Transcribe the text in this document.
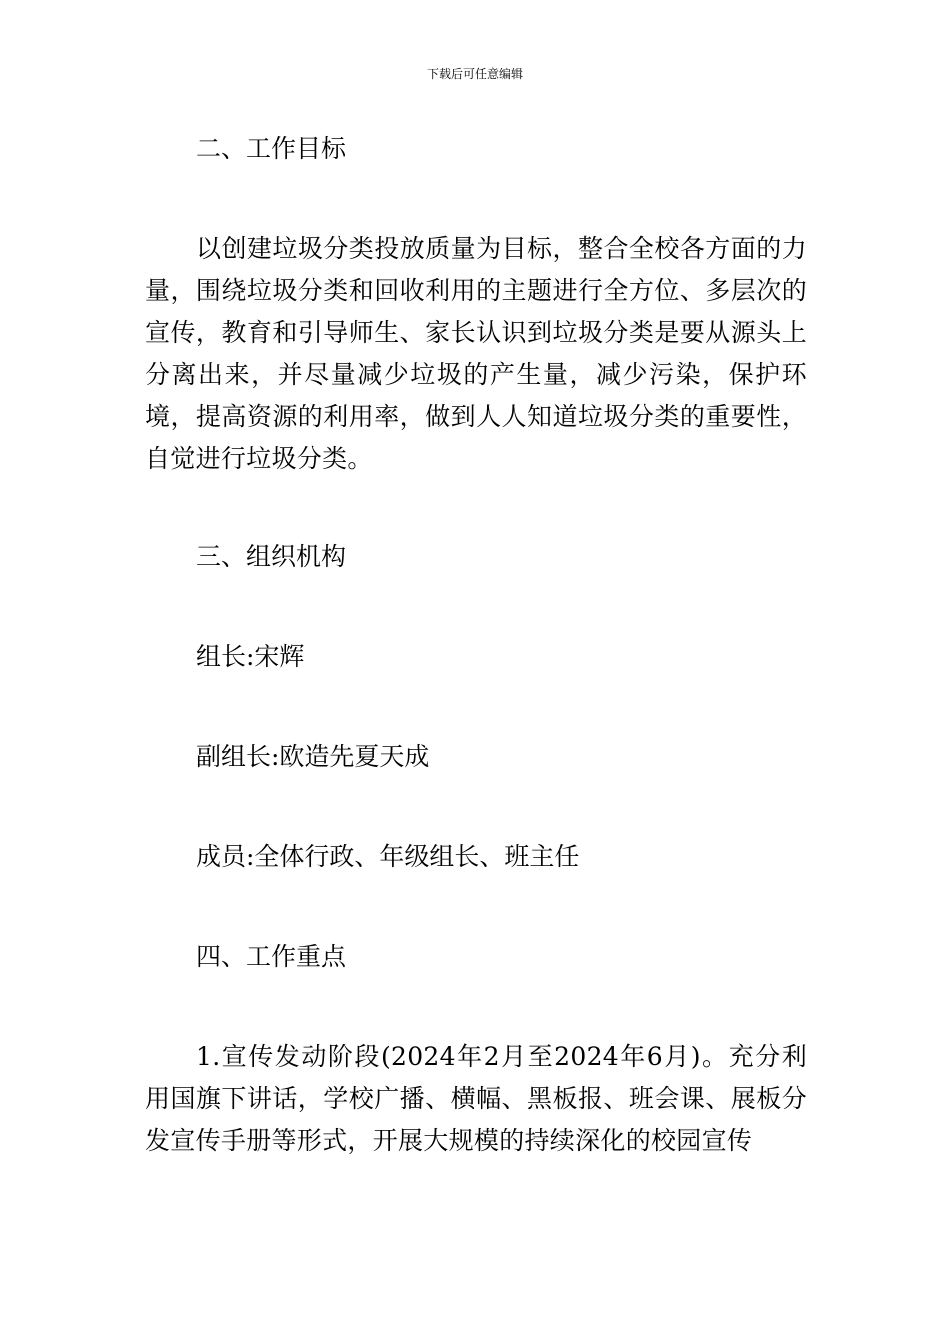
下载后可任意编辑

二、工作目标

以创建垃圾分类投放质量为目标，整合全校各方面的力量，围绕垃圾分类和回收利用的主题进行全方位、多层次的宣传，教育和引导师生、家长认识到垃圾分类是要从源头上分离出来，并尽量减少垃圾的产生量，减少污染，保护环境，提高资源的利用率，做到人人知道垃圾分类的重要性，自觉进行垃圾分类。

三、组织机构

组长:宋辉

副组长:欧造先夏天成

成员:全体行政、年级组长、班主任

四、工作重点

1.宣传发动阶段(2024年2月至2024年6月)。充分利用国旗下讲话，学校广播、横幅、黑板报、班会课、展板分发宣传手册等形式，开展大规模的持续深化的校园宣传
